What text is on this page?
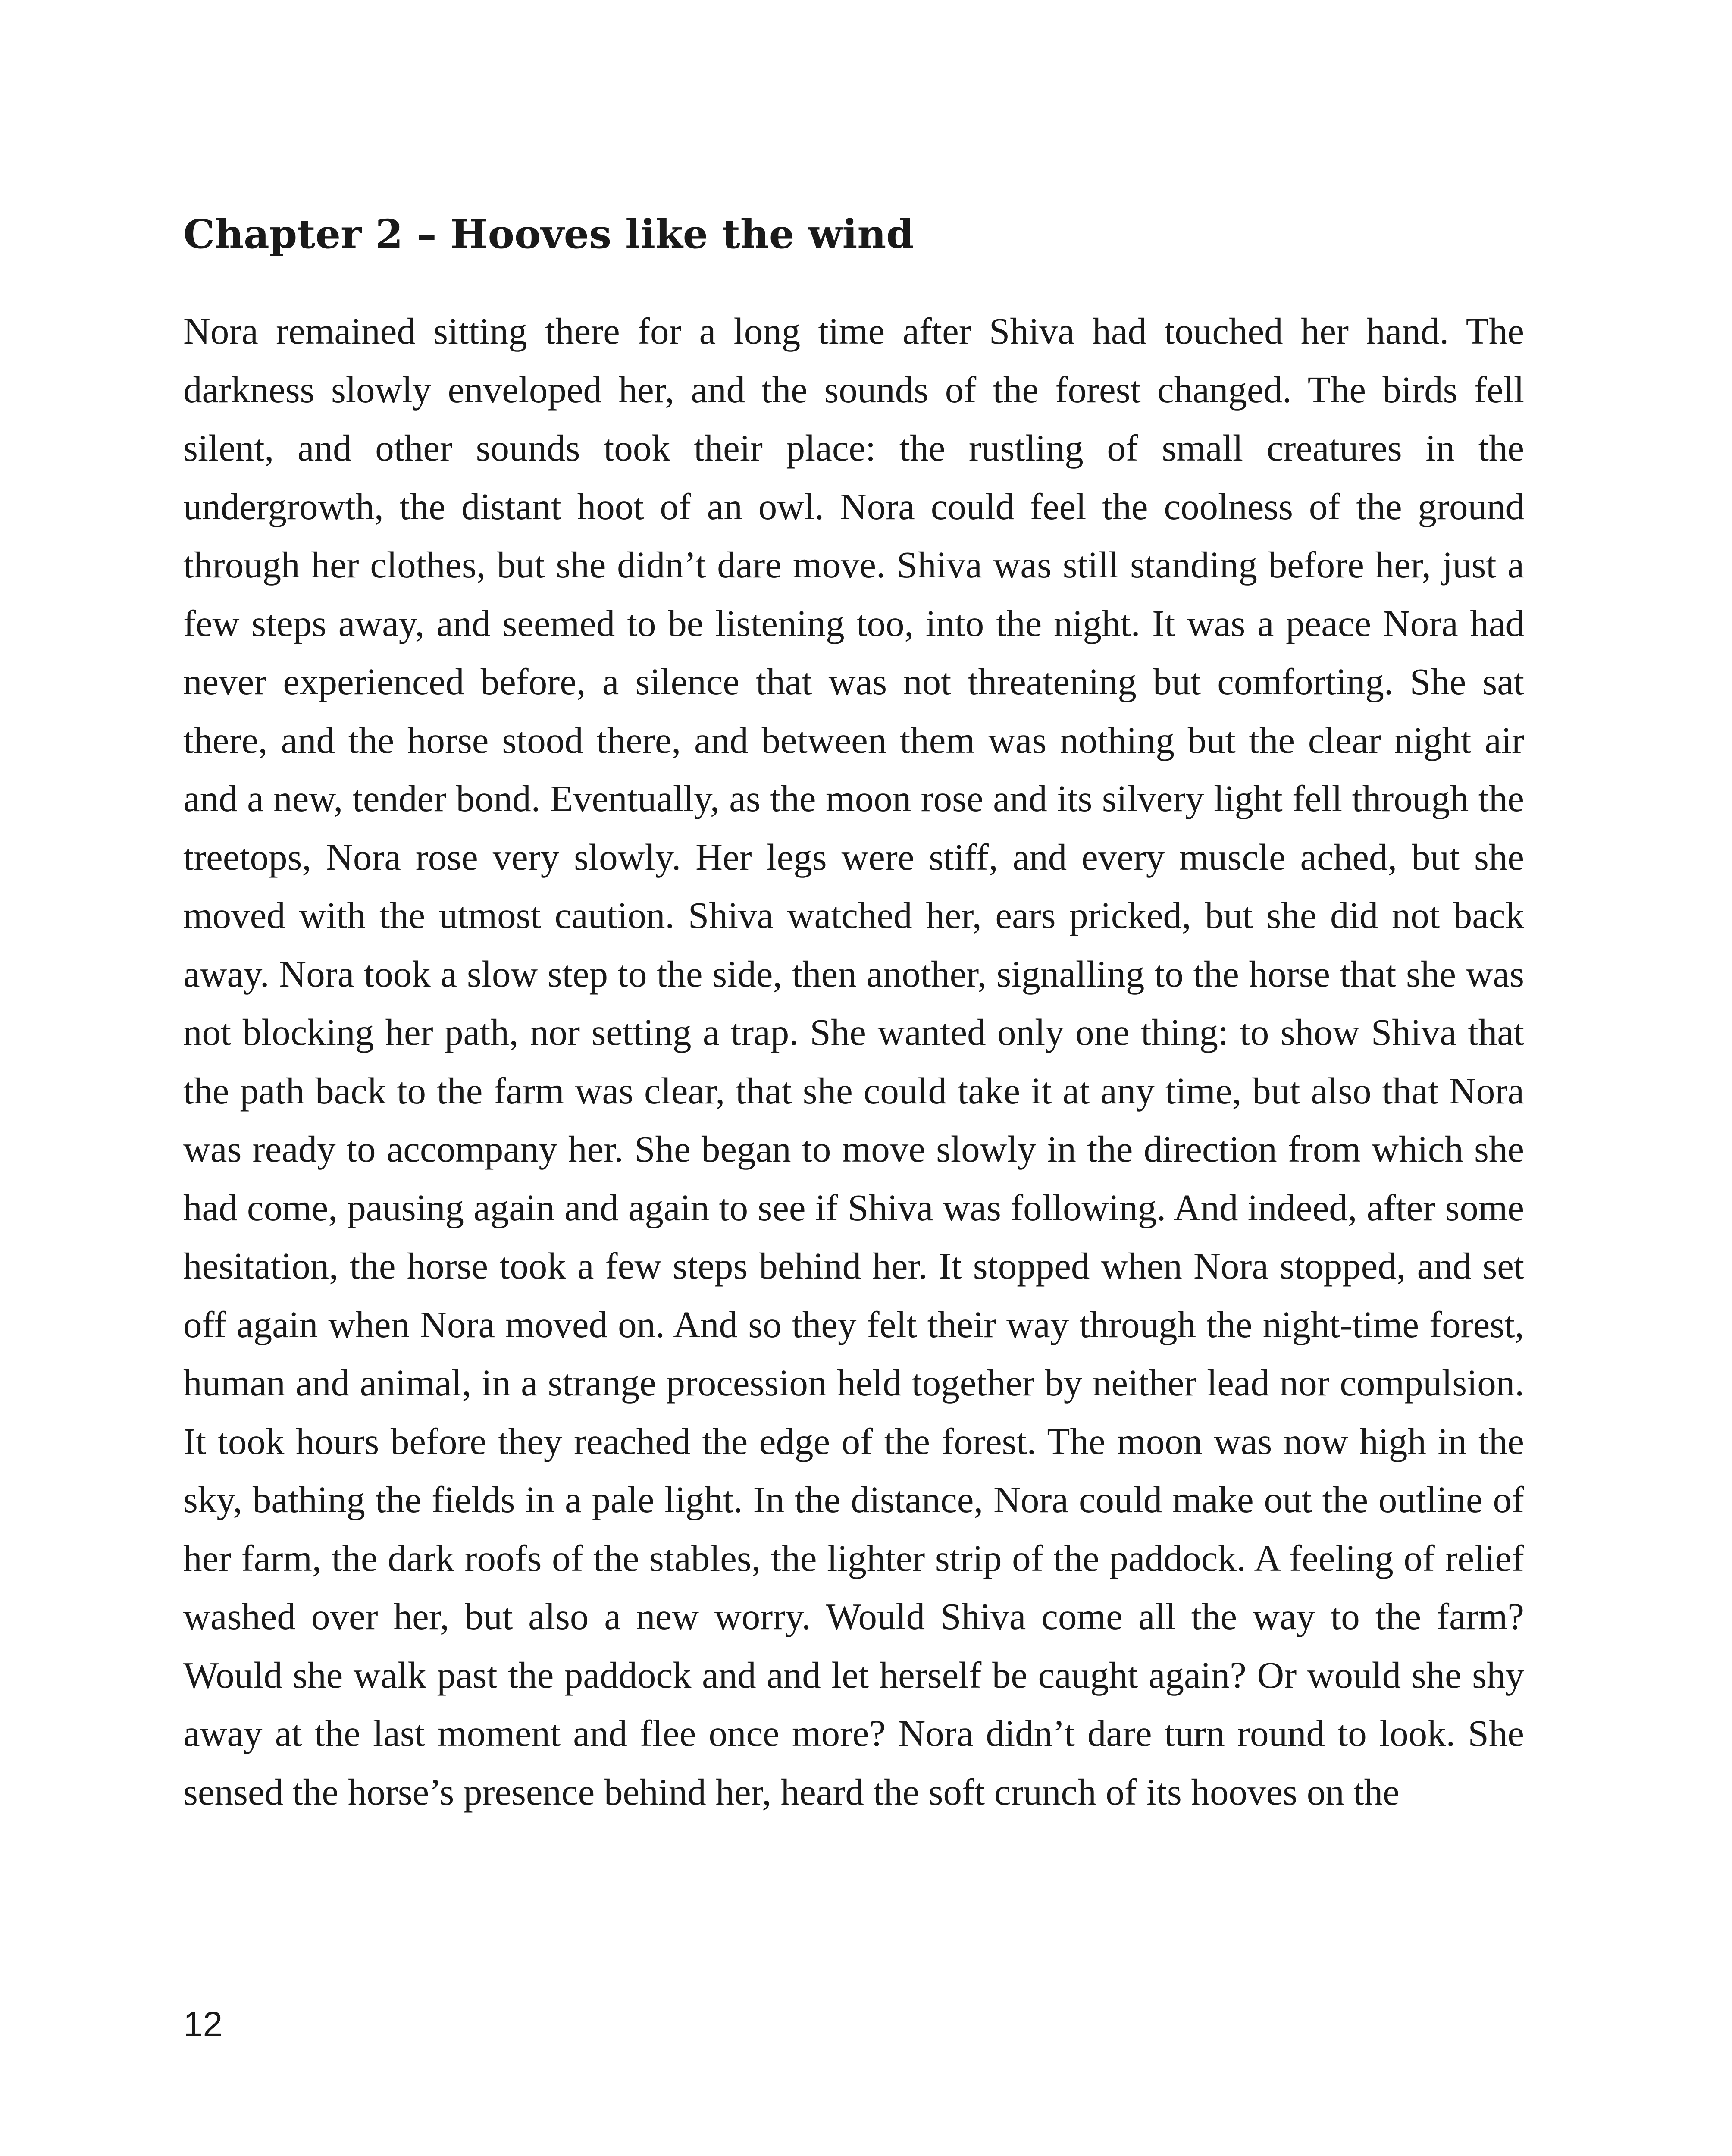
Chapter 2 – Hooves like the wind

Nora remained sitting there for a long time after Shiva had touched her hand. The darkness slowly enveloped her, and the sounds of the forest changed. The birds fell silent, and other sounds took their place: the rustling of small creatures in the undergrowth, the distant hoot of an owl. Nora could feel the coolness of the ground through her clothes, but she didn’t dare move. Shiva was still standing before her, just a few steps away, and seemed to be listening too, into the night. It was a peace Nora had never experienced before, a silence that was not threatening but comforting. She sat there, and the horse stood there, and between them was nothing but the clear night air and a new, tender bond. Eventually, as the moon rose and its silvery light fell through the treetops, Nora rose very slowly. Her legs were stiff, and every muscle ached, but she moved with the utmost caution. Shiva watched her, ears pricked, but she did not back away. Nora took a slow step to the side, then another, signalling to the horse that she was not blocking her path, nor setting a trap. She wanted only one thing: to show Shiva that the path back to the farm was clear, that she could take it at any time, but also that Nora was ready to accompany her. She began to move slowly in the direction from which she had come, pausing again and again to see if Shiva was following. And indeed, after some hesitation, the horse took a few steps behind her. It stopped when Nora stopped, and set off again when Nora moved on. And so they felt their way through the night-time forest, human and animal, in a strange procession held together by neither lead nor compulsion. It took hours before they reached the edge of the forest. The moon was now high in the sky, bathing the fields in a pale light. In the distance, Nora could make out the outline of her farm, the dark roofs of the stables, the lighter strip of the paddock. A feeling of relief washed over her, but also a new worry. Would Shiva come all the way to the farm? Would she walk past the paddock and and let herself be caught again? Or would she shy away at the last moment and flee once more? Nora didn’t dare turn round to look. She sensed the horse’s presence behind her, heard the soft crunch of its hooves on the

12
